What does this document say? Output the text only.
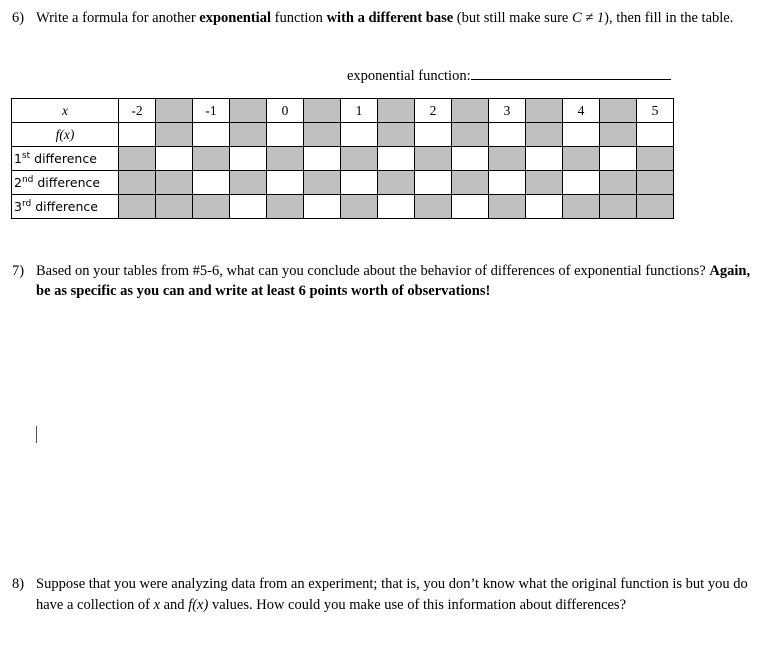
6) Write a formula for another exponential function with a different base (but still make sure C ≠ 1), then fill in the table.
exponential function:
x	-2		-1		0		1		2		3		4		5
f(x)															
1st difference															
2nd difference															
3rd difference															
7) Based on your tables from #5-6, what can you conclude about the behavior of differences of exponential functions? Again, be as specific as you can and write at least 6 points worth of observations!
8) Suppose that you were analyzing data from an experiment; that is, you don’t know what the original function is but you do have a collection of x and f(x) values. How could you make use of this information about differences?
